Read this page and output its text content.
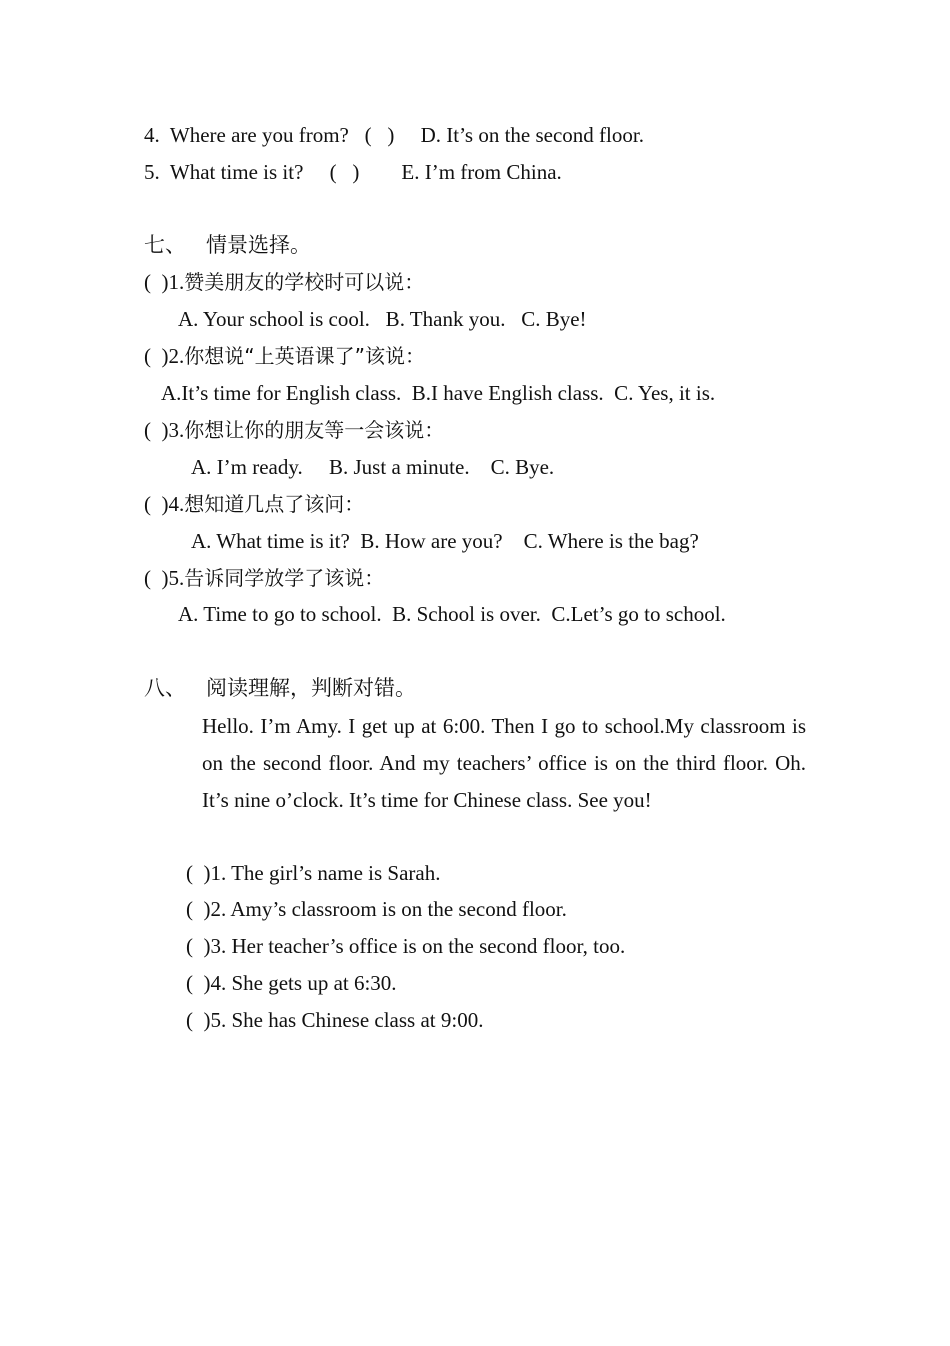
4.  Where are you from?   (   )     D. It’s on the second floor.
5.  What time is it?     (   )        E. I’m from China.
七、   情景选择。
(  )1.赞美朋友的学校时可以说：
A. Your school is cool.   B. Thank you.   C. Bye!
(  )2.你想说“上英语课了”该说：
A.It’s time for English class.  B.I have English class.  C. Yes, it is.
(  )3.你想让你的朋友等一会该说：
A. I’m ready.     B. Just a minute.    C. Bye.
(  )4.想知道几点了该问：
A. What time is it?  B. How are you?    C. Where is the bag?
(  )5.告诉同学放学了该说：
A. Time to go to school.  B. School is over.  C.Let’s go to school.
八、   阅读理解，判断对错。
Hello. I’m Amy. I get up at 6:00. Then I go to school.My classroom is on the second floor. And my teachers’ office is on the third floor. Oh. It’s nine o’clock. It’s time for Chinese class. See you!
(  )1. The girl’s name is Sarah.
(  )2. Amy’s classroom is on the second floor.
(  )3. Her teacher’s office is on the second floor, too.
(  )4. She gets up at 6:30.
(  )5. She has Chinese class at 9:00.
